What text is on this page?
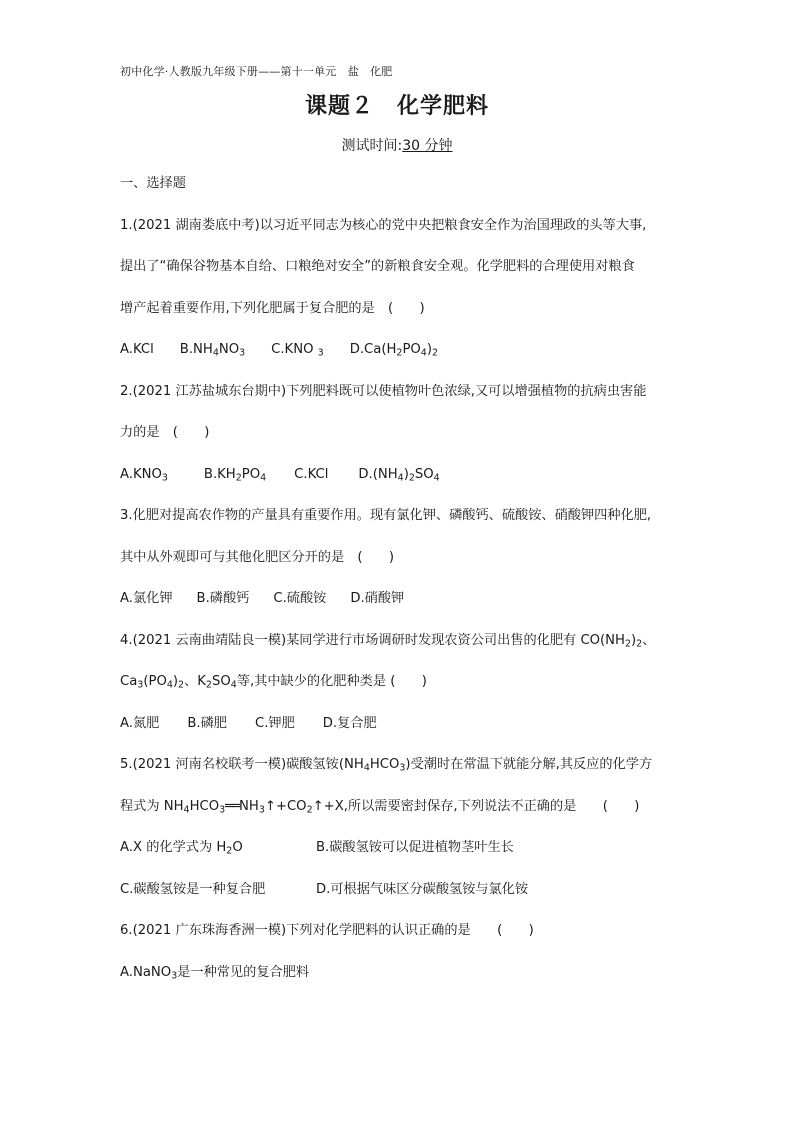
初中化学·人教版九年级下册——第十一单元　盐　化肥
课题２　化学肥料
测试时间:30 分钟
一、选择题
1.(2021 湖南娄底中考)以习近平同志为核心的党中央把粮食安全作为治国理政的头等大事,
提出了“确保谷物基本自给、口粮绝对安全”的新粮食安全观。化学肥料的合理使用对粮食
增产起着重要作用,下列化肥属于复合肥的是　(　　)
A.KCl $B.NH_4NO_3$ C.KNO $_3$ $D.Ca(H_2PO_4)_2$
2.(2021 江苏盐城东台期中)下列肥料既可以使植物叶色浓绿,又可以增强植物的抗病虫害能
力的是　(　　)
$A.KNO_3$	$B.KH_2PO_4$ C.KCl $D.(NH_4)_2SO_4$
3.化肥对提高农作物的产量具有重要作用。现有氯化钾、磷酸钙、硫酸铵、硝酸钾四种化肥,
其中从外观即可与其他化肥区分开的是　(　　)
A.氯化钾 B.磷酸钙 C.硫酸铵 D.硝酸钾
4.(2021 云南曲靖陆良一模)某同学进行市场调研时发现农资公司出售的化肥有 $CO(NH_2)_2$、
$Ca_3(PO_4)_2$、$K_2SO_4$等,其中缺少的化肥种类是 (　　)
A.氮肥 B.磷肥 C.钾肥 D.复合肥
5.(2021 河南名校联考一模)碳酸氢铵$(NH_4HCO_3)$受潮时在常温下就能分解,其反应的化学方
程式为 $NH_4HCO_3══NH_3↑+CO_2↑+X$,所以需要密封保存,下列说法不正确的是　　(　　)
A.X 的化学式为 $H_2O$	B.碳酸氢铵可以促进植物茎叶生长
C.碳酸氢铵是一种复合肥	D.可根据气味区分碳酸氢铵与氯化铵
6.(2021 广东珠海香洲一模)下列对化学肥料的认识正确的是　　(　　)
A.NaNO$_3$是一种常见的复合肥料
